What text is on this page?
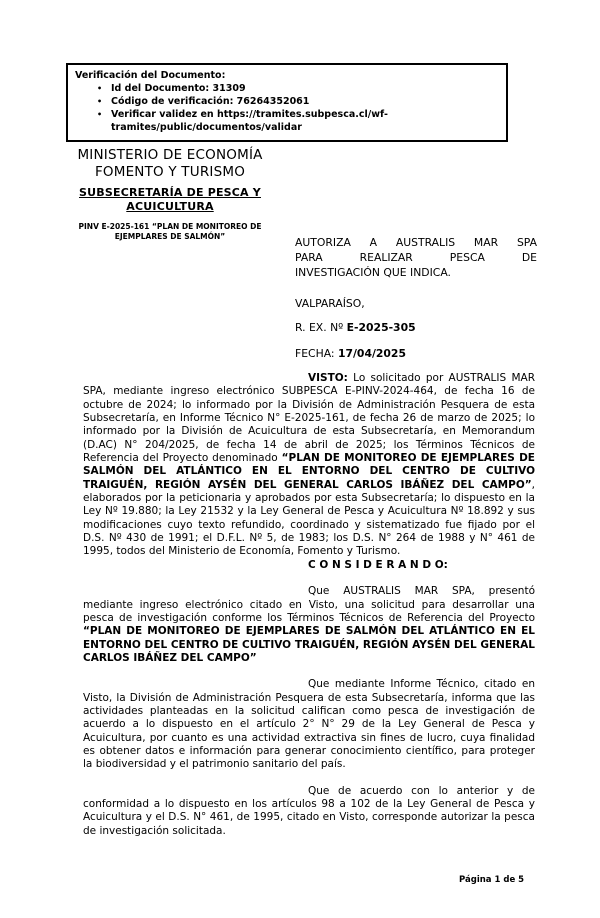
Verificación del Documento:
• Id del Documento: 31309
• Código de verificación: 76264352061
• Verificar validez en https://tramites.subpesca.cl/wf-tramites/public/documentos/validar
MINISTERIO DE ECONOMÍA
FOMENTO Y TURISMO
SUBSECRETARÍA DE PESCA Y
ACUICULTURA
PINV E-2025-161 “PLAN DE MONITOREO DE EJEMPLARES DE SALMÓN”	AUTORIZA A AUSTRALIS MAR SPA
PARA REALIZAR PESCA DE
INVESTIGACIÓN QUE INDICA.
VALPARAÍSO,
R. EX. Nº E-2025-305
FECHA: 17/04/2025

VISTO: Lo solicitado por AUSTRALIS MAR SPA, mediante ingreso electrónico SUBPESCA E-PINV-2024-464, de fecha 16 de octubre de 2024; lo informado por la División de Administración Pesquera de esta Subsecretaría, en Informe Técnico N° E-2025-161, de fecha 26 de marzo de 2025; lo informado por la División de Acuicultura de esta Subsecretaría, en Memorandum (D.AC) N° 204/2025, de fecha 14 de abril de 2025; los Términos Técnicos de Referencia del Proyecto denominado “PLAN DE MONITOREO DE EJEMPLARES DE SALMÓN DEL ATLÁNTICO EN EL ENTORNO DEL CENTRO DE CULTIVO TRAIGUÉN, REGIÓN AYSÉN DEL GENERAL CARLOS IBÁÑEZ DEL CAMPO”, elaborados por la peticionaria y aprobados por esta Subsecretaría; lo dispuesto en la Ley Nº 19.880; la Ley 21532 y la Ley General de Pesca y Acuicultura Nº 18.892 y sus modificaciones cuyo texto refundido, coordinado y sistematizado fue fijado por el D.S. Nº 430 de 1991; el D.F.L. Nº 5, de 1983; los D.S. N° 264 de 1988 y N° 461 de 1995, todos del Ministerio de Economía, Fomento y Turismo.

C O N S I D E R A N D O:

Que AUSTRALIS MAR SPA, presentó mediante ingreso electrónico citado en Visto, una solicitud para desarrollar una pesca de investigación conforme los Términos Técnicos de Referencia del Proyecto “PLAN DE MONITOREO DE EJEMPLARES DE SALMÓN DEL ATLÁNTICO EN EL ENTORNO DEL CENTRO DE CULTIVO TRAIGUÉN, REGIÓN AYSÉN DEL GENERAL CARLOS IBÁÑEZ DEL CAMPO”

Que mediante Informe Técnico, citado en Visto, la División de Administración Pesquera de esta Subsecretaría, informa que las actividades planteadas en la solicitud califican como pesca de investigación de acuerdo a lo dispuesto en el artículo 2° N° 29 de la Ley General de Pesca y Acuicultura, por cuanto es una actividad extractiva sin fines de lucro, cuya finalidad es obtener datos e información para generar conocimiento científico, para proteger la biodiversidad y el patrimonio sanitario del país.

Que de acuerdo con lo anterior y de conformidad a lo dispuesto en los artículos 98 a 102 de la Ley General de Pesca y Acuicultura y el D.S. N° 461, de 1995, citado en Visto, corresponde autorizar la pesca de investigación solicitada.

Página 1 de 5
